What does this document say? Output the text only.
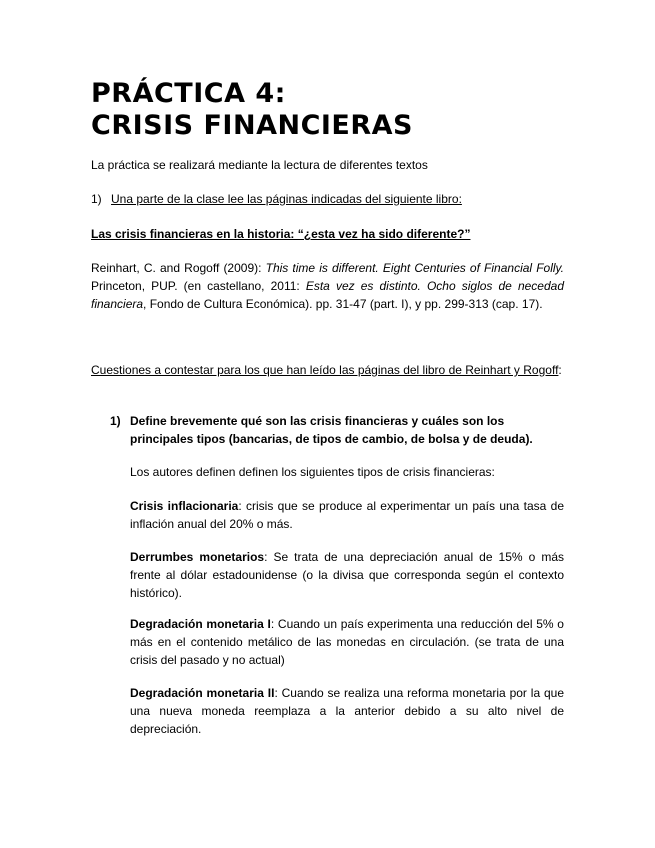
PRÁCTICA 4:
CRISIS FINANCIERAS
La práctica se realizará mediante la lectura de diferentes textos
1) Una parte de la clase lee las páginas indicadas del siguiente libro:
Las crisis financieras en la historia: “¿esta vez ha sido diferente?”
Reinhart, C. and Rogoff (2009): This time is different. Eight Centuries of Financial Folly. Princeton, PUP. (en castellano, 2011: Esta vez es distinto. Ocho siglos de necedad financiera, Fondo de Cultura Económica). pp. 31-47 (part. I), y pp. 299-313 (cap. 17).
Cuestiones a contestar para los que han leído las páginas del libro de Reinhart y Rogoff:
1) Define brevemente qué son las crisis financieras y cuáles son los principales tipos (bancarias, de tipos de cambio, de bolsa y de deuda).
Los autores definen definen los siguientes tipos de crisis financieras:
Crisis inflacionaria: crisis que se produce al experimentar un país una tasa de inflación anual del 20% o más.
Derrumbes monetarios: Se trata de una depreciación anual de 15% o más frente al dólar estadounidense (o la divisa que corresponda según el contexto histórico).
Degradación monetaria I: Cuando un país experimenta una reducción del 5% o más en el contenido metálico de las monedas en circulación. (se trata de una crisis del pasado y no actual)
Degradación monetaria II: Cuando se realiza una reforma monetaria por la que una nueva moneda reemplaza a la anterior debido a su alto nivel de depreciación.
